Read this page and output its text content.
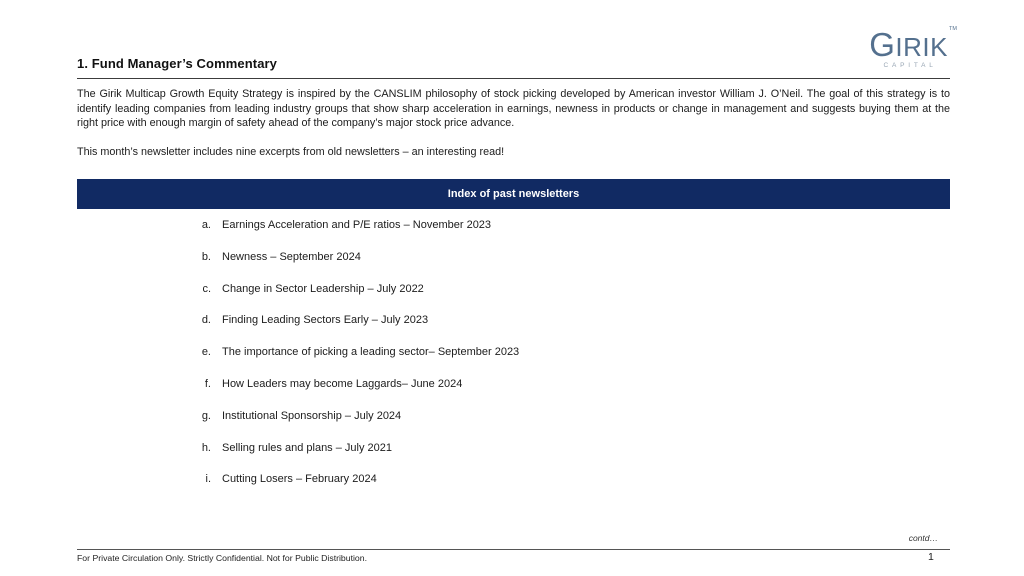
GIRIK
TM
CAPITAL
1. Fund Manager’s Commentary

The Girik Multicap Growth Equity Strategy is inspired by the CANSLIM philosophy of stock picking developed by American investor William J. O’Neil. The goal of this strategy is to identify leading companies from leading industry groups that show sharp acceleration in earnings, newness in products or change in management and suggests buying them at the right price with enough margin of safety ahead of the company’s major stock price advance.

This month’s newsletter includes nine excerpts from old newsletters – an interesting read!

Index of past newsletters
a. Earnings Acceleration and P/E ratios – November 2023
b. Newness – September 2024
c. Change in Sector Leadership – July 2022
d. Finding Leading Sectors Early – July 2023
e. The importance of picking a leading sector– September 2023
f. How Leaders may become Laggards– June 2024
g. Institutional Sponsorship – July 2024
h. Selling rules and plans – July 2021
i. Cutting Losers – February 2024
contd…
For Private Circulation Only. Strictly Confidential. Not for Public Distribution.	1
